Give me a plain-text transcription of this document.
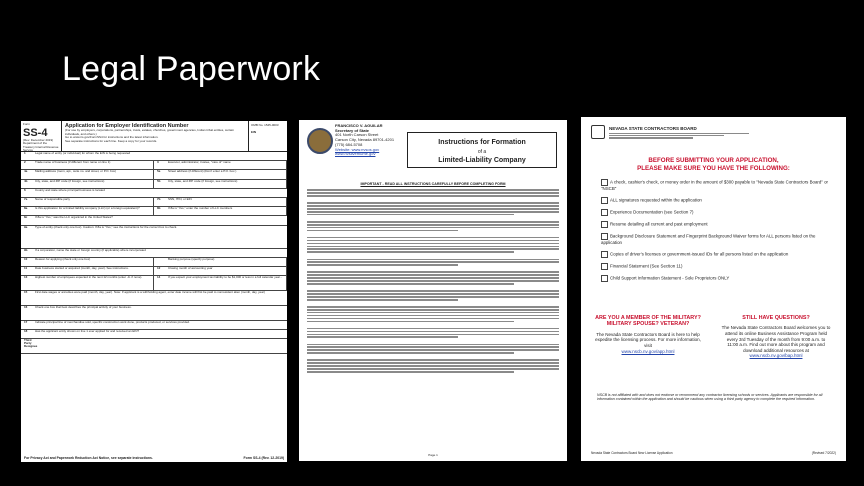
Legal Paperwork
Form
SS-4
(Rev. December 2019)
Department of the Treasury Internal Revenue Service
Application for Employer Identification Number
(For use by employers, corporations, partnerships, trusts, estates, churches, government agencies, Indian tribal entities, certain individuals, and others.)
Go to www.irs.gov/FormSS4 for instructions and the latest information.
See separate instructions for each line. Keep a copy for your records.
OMB No. 1545-0003
EIN
1	Legal name of entity (or individual) for whom the EIN is being requested
2	Trade name of business (if different from name on line 1)	3	Executor, administrator, trustee, "care of" name
4a	Mailing address (room, apt., suite no. and street, or P.O. box)	5a	Street address (if different) (Don't enter a P.O. box.)
4b City, state, and ZIP code (if foreign, see instructions)	5b City, state, and ZIP code (if foreign, see instructions)
6	County and state where principal business is located
7a	Name of responsible party	7b SSN, ITIN, or EIN
8a	Is this application for a limited liability company (LLC) (or a foreign equivalent)?	8b If 8a is "Yes," enter the number of LLC members
8c	If 8a is "Yes," was the LLC organized in the United States?
9a	Type of entity (check only one box). Caution: If 8a is "Yes," see the instructions for the correct box to check.
9b If a corporation, name the state or foreign country (if applicable) where incorporated
10	Reason for applying (check only one box)	Banking purpose (specify purpose)
11	Date business started or acquired (month, day, year). See instructions.	12	Closing month of accounting year
13	Highest number of employees expected in the next 12 months (enter -0- if none).	14	If you expect your employment tax liability to be $1,000 or less in a full calendar year...
15	First date wages or annuities were paid (month, day, year). Note: If applicant is a withholding agent, enter date income will first be paid to nonresident alien (month, day, year)
16	Check one box that best describes the principal activity of your business.
17	Indicate principal line of merchandise sold, specific construction work done, products produced, or services provided.
18	Has the applicant entity shown on line 1 ever applied for and received an EIN?
Third Party Designee
For Privacy Act and Paperwork Reduction Act Notice, see separate instructions.	Form SS-4 (Rev. 12-2019)
FRANCISCO V. AGUILAR
Secretary of State
401 North Carson Street
Carson City, Nevada 89701-4201
(775) 684-5708
Website: www.nvsos.gov
www.nvsilverflume.gov
Instructions for Formation
of a
Limited-Liability Company
IMPORTANT - READ ALL INSTRUCTIONS CAREFULLY BEFORE COMPLETING FORM
Page 1
NEVADA STATE CONTRACTORS BOARD
BEFORE SUBMITTING YOUR APPLICATION,
PLEASE MAKE SURE YOU HAVE THE FOLLOWING:
A check, cashier's check, or money order in the amount of $300 payable to "Nevada State Contractors Board" or "NSCB"
ALL signatures requested within the application
Experience Documentation (see Section 7)
Resume detailing all current and past employment
Background Disclosure Statement and Fingerprint Background Waiver forms for ALL persons listed on the application
Copies of driver's licenses or government-issued IDs for all persons listed on the application
Financial Statement (See Section 11)
Child Support Information Statement - Sole Proprietors ONLY
ARE YOU A MEMBER OF THE MILITARY? MILITARY SPOUSE? VETERAN?
The Nevada State Contractors Board is here to help expedite the licensing process. For more information, visit
www.nscb.nv.gov/app.html
STILL HAVE QUESTIONS?
The Nevada State Contractors Board welcomes you to attend its online Business Assistance Program held every 3rd Tuesday of the month from 9:00 a.m. to 11:00 a.m. Find out more about this program and download additional resources at
www.nscb.nv.gov/bap.html
NSCB is not affiliated with and does not endorse or recommend any contractor licensing schools or services. Applicants are responsible for all information contained within the application and should be cautious when using a third party agency to complete the required information.
Nevada State Contractors Board New License Application	(Revised 7/2022)
